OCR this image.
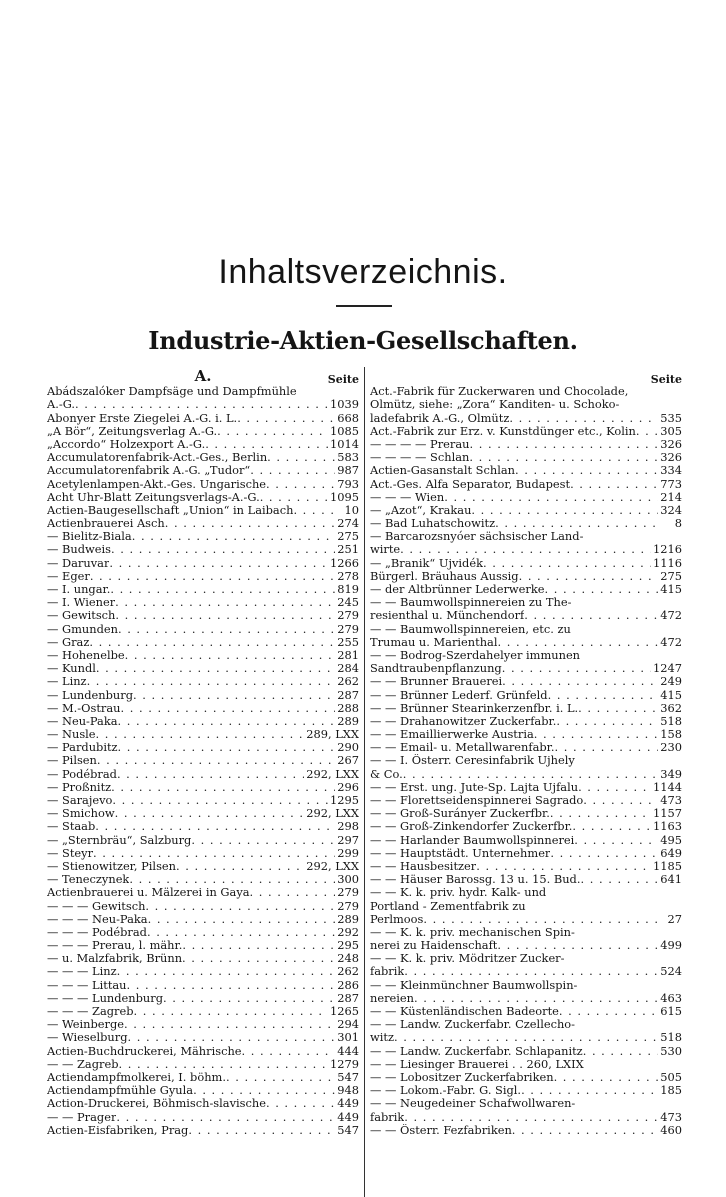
Inhaltsverzeichnis.
Industrie-Aktien-Gesellschaften.
A.	Seite
Abádszalóker Dampfsäge und Dampfmühle
A.-G. . . .	1039
Abonyer Erste Ziegelei A.-G. i. L. . . .	668
„A Bör“, Zeitungsverlag A.-G. . . .	1085
„Accordo“ Holzexport A.-G. . . .	1014
Accumulatorenfabrik-Act.-Ges., Berlin . . .	583
Accumulatorenfabrik A.-G. „Tudor“ . . .	987
Acetylenlampen-Akt.-Ges. Ungarische . . .	793
Acht Uhr-Blatt Zeitungsverlags-A.-G. . . .	1095
Actien-Baugesellschaft „Union“ in Laibach . . .	10
Actienbrauerei Asch . . .	274
— Bielitz-Biala . . .	275
— Budweis . . .	251
— Daruvar . . .	1266
— Eger . . .	278
— I. ungar. . . .	819
— I. Wiener . . .	245
— Gewitsch . . .	279
— Gmunden . . .	279
— Graz . . .	255
— Hohenelbe . . .	281
— Kundl . . .	284
— Linz . . .	262
— Lundenburg . . .	287
— M.-Ostrau . . .	288
— Neu-Paka . . .	289
— Nusle . . .	289, LXX
— Pardubitz . . .	290
— Pilsen . . .	267
— Podébrad . . .	292, LXX
— Proßnitz . . .	296
— Sarajevo . . .	1295
— Smichow . . .	292, LXX
— Staab . . .	298
— „Sternbräu“, Salzburg . . .	297
— Steyr . . .	299
— Stienowitzer, Pilsen . . .	292, LXX
— Teneczynek . . .	300
Actienbrauerei u. Mälzerei in Gaya . . .	279
— — — Gewitsch . . .	279
— — — Neu-Paka . . .	289
— — — Podébrad . . .	292
— — — Prerau, l. mähr. . . .	295
— u. Malzfabrik, Brünn . . .	248
— — — Linz . . .	262
— — — Littau . . .	286
— — — Lundenburg . . .	287
— — — Zagreb . . .	1265
— Weinberge . . .	294
— Wieselburg . . .	301
Actien-Buchdruckerei, Mährische . . .	444
— — Zagreb . . .	1279
Actiendampfmolkerei, I. böhm. . . .	547
Actiendampfmühle Gyula . . .	948
Action-Druckerei, Böhmisch-slavische . . .	449
— — Prager . . .	449
Actien-Eisfabriken, Prag . . .	547
Seite
Act.-Fabrik für Zuckerwaren und Chocolade,
Olmütz, siehe: „Zora“ Kanditen- u. Schoko-
ladefabrik A.-G., Olmütz . . .	535
Act.-Fabrik zur Erz. v. Kunstdünger etc., Kolin . . . 305
— — — — Prerau . . .	326
— — — — Schlan . . .	326
Actien-Gasanstalt Schlan . . .	334
Act.-Ges. Alfa Separator, Budapest . . .	773
— — — Wien . . .	214
— „Azot“, Krakau . . .	324
— Bad Luhatschowitz . . .	8
— Barcarozsnyóer sächsischer Land-
wirte . . .	1216
— „Branik“ Ujvidék . . .	1116
Bürgerl. Bräuhaus Aussig . . .	275
— der Altbrünner Lederwerke . . .	415
— — Baumwollspinnereien zu The-
resienthal u. Münchendorf . . .	472
— — Baumwollspinnereien, etc. zu
Trumau u. Marienthal . . .	472
— — Bodrog-Szerdahelyer immunen
Sandtraubenpflanzung . . .	1247
— — Brunner Brauerei . . .	249
— — Brünner Lederf. Grünfeld . . .	415
— — Brünner Stearinkerzenfbr. i. L. . . .	362
— — Drahanowitzer Zuckerfabr. . . .	518
— — Emaillierwerke Austria . . .	158
— — Email- u. Metallwarenfabr. . . .	230
— — I. Österr. Ceresinfabrik Ujhely
& Co. . . .	349
— — Erst. ung. Jute-Sp. Lajta Ujfalu . . .	1144
— — Florettseidenspinnerei Sagrado . . .	473
— — Groß-Surányer Zuckerfbr. . . .	1157
— — Groß-Zinkendorfer Zuckerfbr. . . .	1163
— — Harlander Baumwollspinnerei . . .	495
— — Hauptstädt. Unternehmer . . .	649
— — Hausbesitzer . . .	1185
— — Häuser Barossg. 13 u. 15. Bud. . . .	641
— — K. k. priv. hydr. Kalk- und
Portland - Zementfabrik zu
Perlmoos . . .	27
— — K. k. priv. mechanischen Spin-
nerei zu Haidenschaft . . .	499
— — K. k. priv. Mödritzer Zucker-
fabrik . . .	524
— — Kleinmünchner Baumwollspin-
nereien . . .	463
— — Küstenländischen Badeorte . . .	615
— — Landw. Zuckerfabr. Czellecho-
witz . . .	518
— — Landw. Zuckerfabr. Schlapanitz . . .	530
— — Liesinger Brauerei . . 260, LXIX
— — Lobositzer Zuckerfabriken . . .	505
— — Lokom.-Fabr. G. Sigl. . . .	185
— — Neugedeiner Schafwollwaren-
fabrik . . .	473
— — Österr. Fezfabriken . . .	460
